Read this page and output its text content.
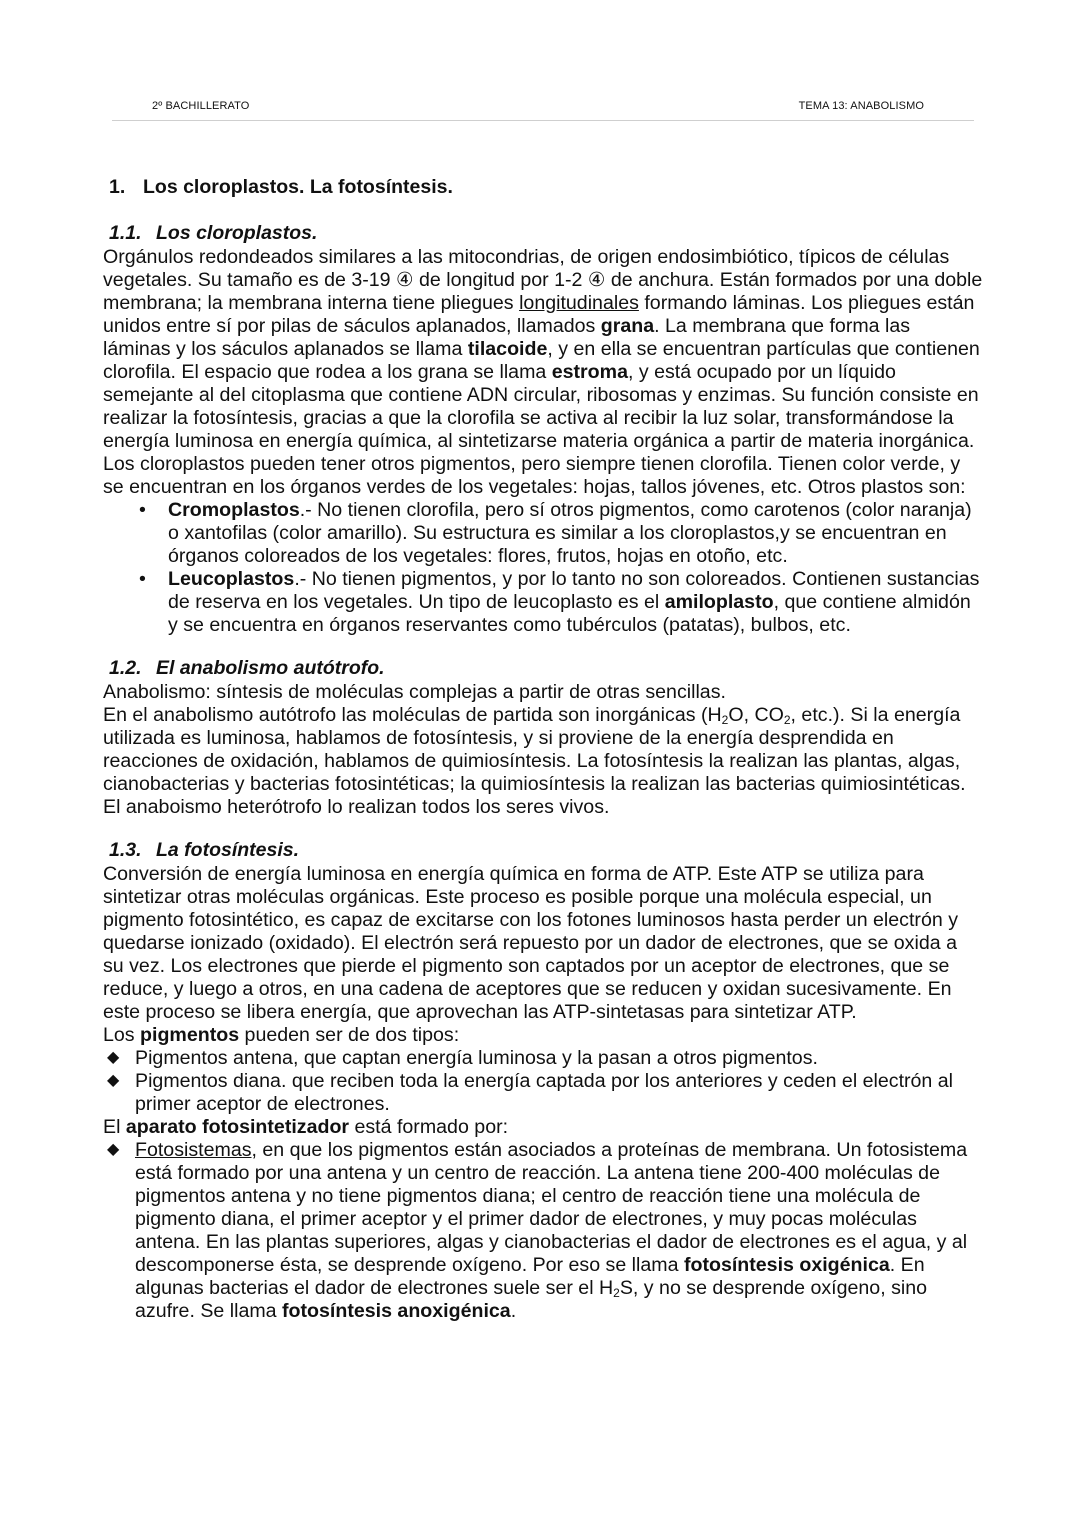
2º BACHILLERATO	TEMA 13: ANABOLISMO
1. Los cloroplastos. La fotosíntesis.
1.1. Los cloroplastos.

Orgánulos redondeados similares a las mitocondrias, de origen endosimbiótico, típicos de células vegetales. Su tamaño es de 3-19 ④ de longitud por 1-2 ④ de anchura. Están formados por una doble membrana; la membrana interna tiene pliegues longitudinales formando láminas. Los pliegues están unidos entre sí por pilas de sáculos aplanados, llamados grana. La membrana que forma las láminas y los sáculos aplanados se llama tilacoide, y en ella se encuentran partículas que contienen clorofila. El espacio que rodea a los grana se llama estroma, y está ocupado por un líquido semejante al del citoplasma que contiene ADN circular, ribosomas y enzimas. Su función consiste en realizar la fotosíntesis, gracias a que la clorofila se activa al recibir la luz solar, transformándose la energía luminosa en energía química, al sintetizarse materia orgánica a partir de materia inorgánica.

Los cloroplastos pueden tener otros pigmentos, pero siempre tienen clorofila. Tienen color verde, y se encuentran en los órganos verdes de los vegetales: hojas, tallos jóvenes, etc. Otros plastos son:

• Cromoplastos.- No tienen clorofila, pero sí otros pigmentos, como carotenos (color naranja) o xantofilas (color amarillo). Su estructura es similar a los cloroplastos,y se encuentran en órganos coloreados de los vegetales: flores, frutos, hojas en otoño, etc.
• Leucoplastos.- No tienen pigmentos, y por lo tanto no son coloreados. Contienen sustancias de reserva en los vegetales. Un tipo de leucoplasto es el amiloplasto, que contiene almidón y se encuentra en órganos reservantes como tubérculos (patatas), bulbos, etc.
1.2. El anabolismo autótrofo.

Anabolismo: síntesis de moléculas complejas a partir de otras sencillas.

En el anabolismo autótrofo las moléculas de partida son inorgánicas ($H_2O$, $CO_2$, etc.). Si la energía utilizada es luminosa, hablamos de fotosíntesis, y si proviene de la energía desprendida en reacciones de oxidación, hablamos de quimiosíntesis. La fotosíntesis la realizan las plantas, algas, cianobacterias y bacterias fotosintéticas; la quimiosíntesis la realizan las bacterias quimiosintéticas. El anaboismo heterótrofo lo realizan todos los seres vivos.

1.3. La fotosíntesis.

Conversión de energía luminosa en energía química en forma de ATP. Este ATP se utiliza para sintetizar otras moléculas orgánicas. Este proceso es posible porque una molécula especial, un pigmento fotosintético, es capaz de excitarse con los fotones luminosos hasta perder un electrón y quedarse ionizado (oxidado). El electrón será repuesto por un dador de electrones, que se oxida a su vez. Los electrones que pierde el pigmento son captados por un aceptor de electrones, que se reduce, y luego a otros, en una cadena de aceptores que se reducen y oxidan sucesivamente. En este proceso se libera energía, que aprovechan las ATP-sintetasas para sintetizar ATP.

Los pigmentos pueden ser de dos tipos:

◆ Pigmentos antena, que captan energía luminosa y la pasan a otros pigmentos.
◆ Pigmentos diana. que reciben toda la energía captada por los anteriores y ceden el electrón al primer aceptor de electrones.

El aparato fotosintetizador está formado por:

◆ Fotosistemas, en que los pigmentos están asociados a proteínas de membrana. Un fotosistema está formado por una antena y un centro de reacción. La antena tiene 200-400 moléculas de pigmentos antena y no tiene pigmentos diana; el centro de reacción tiene una molécula de pigmento diana, el primer aceptor y el primer dador de electrones, y muy pocas moléculas antena. En las plantas superiores, algas y cianobacterias el dador de electrones es el agua, y al descomponerse ésta, se desprende oxígeno. Por eso se llama fotosíntesis oxigénica. En algunas bacterias el dador de electrones suele ser el $H_2S$, y no se desprende oxígeno, sino azufre. Se llama fotosíntesis anoxigénica.
